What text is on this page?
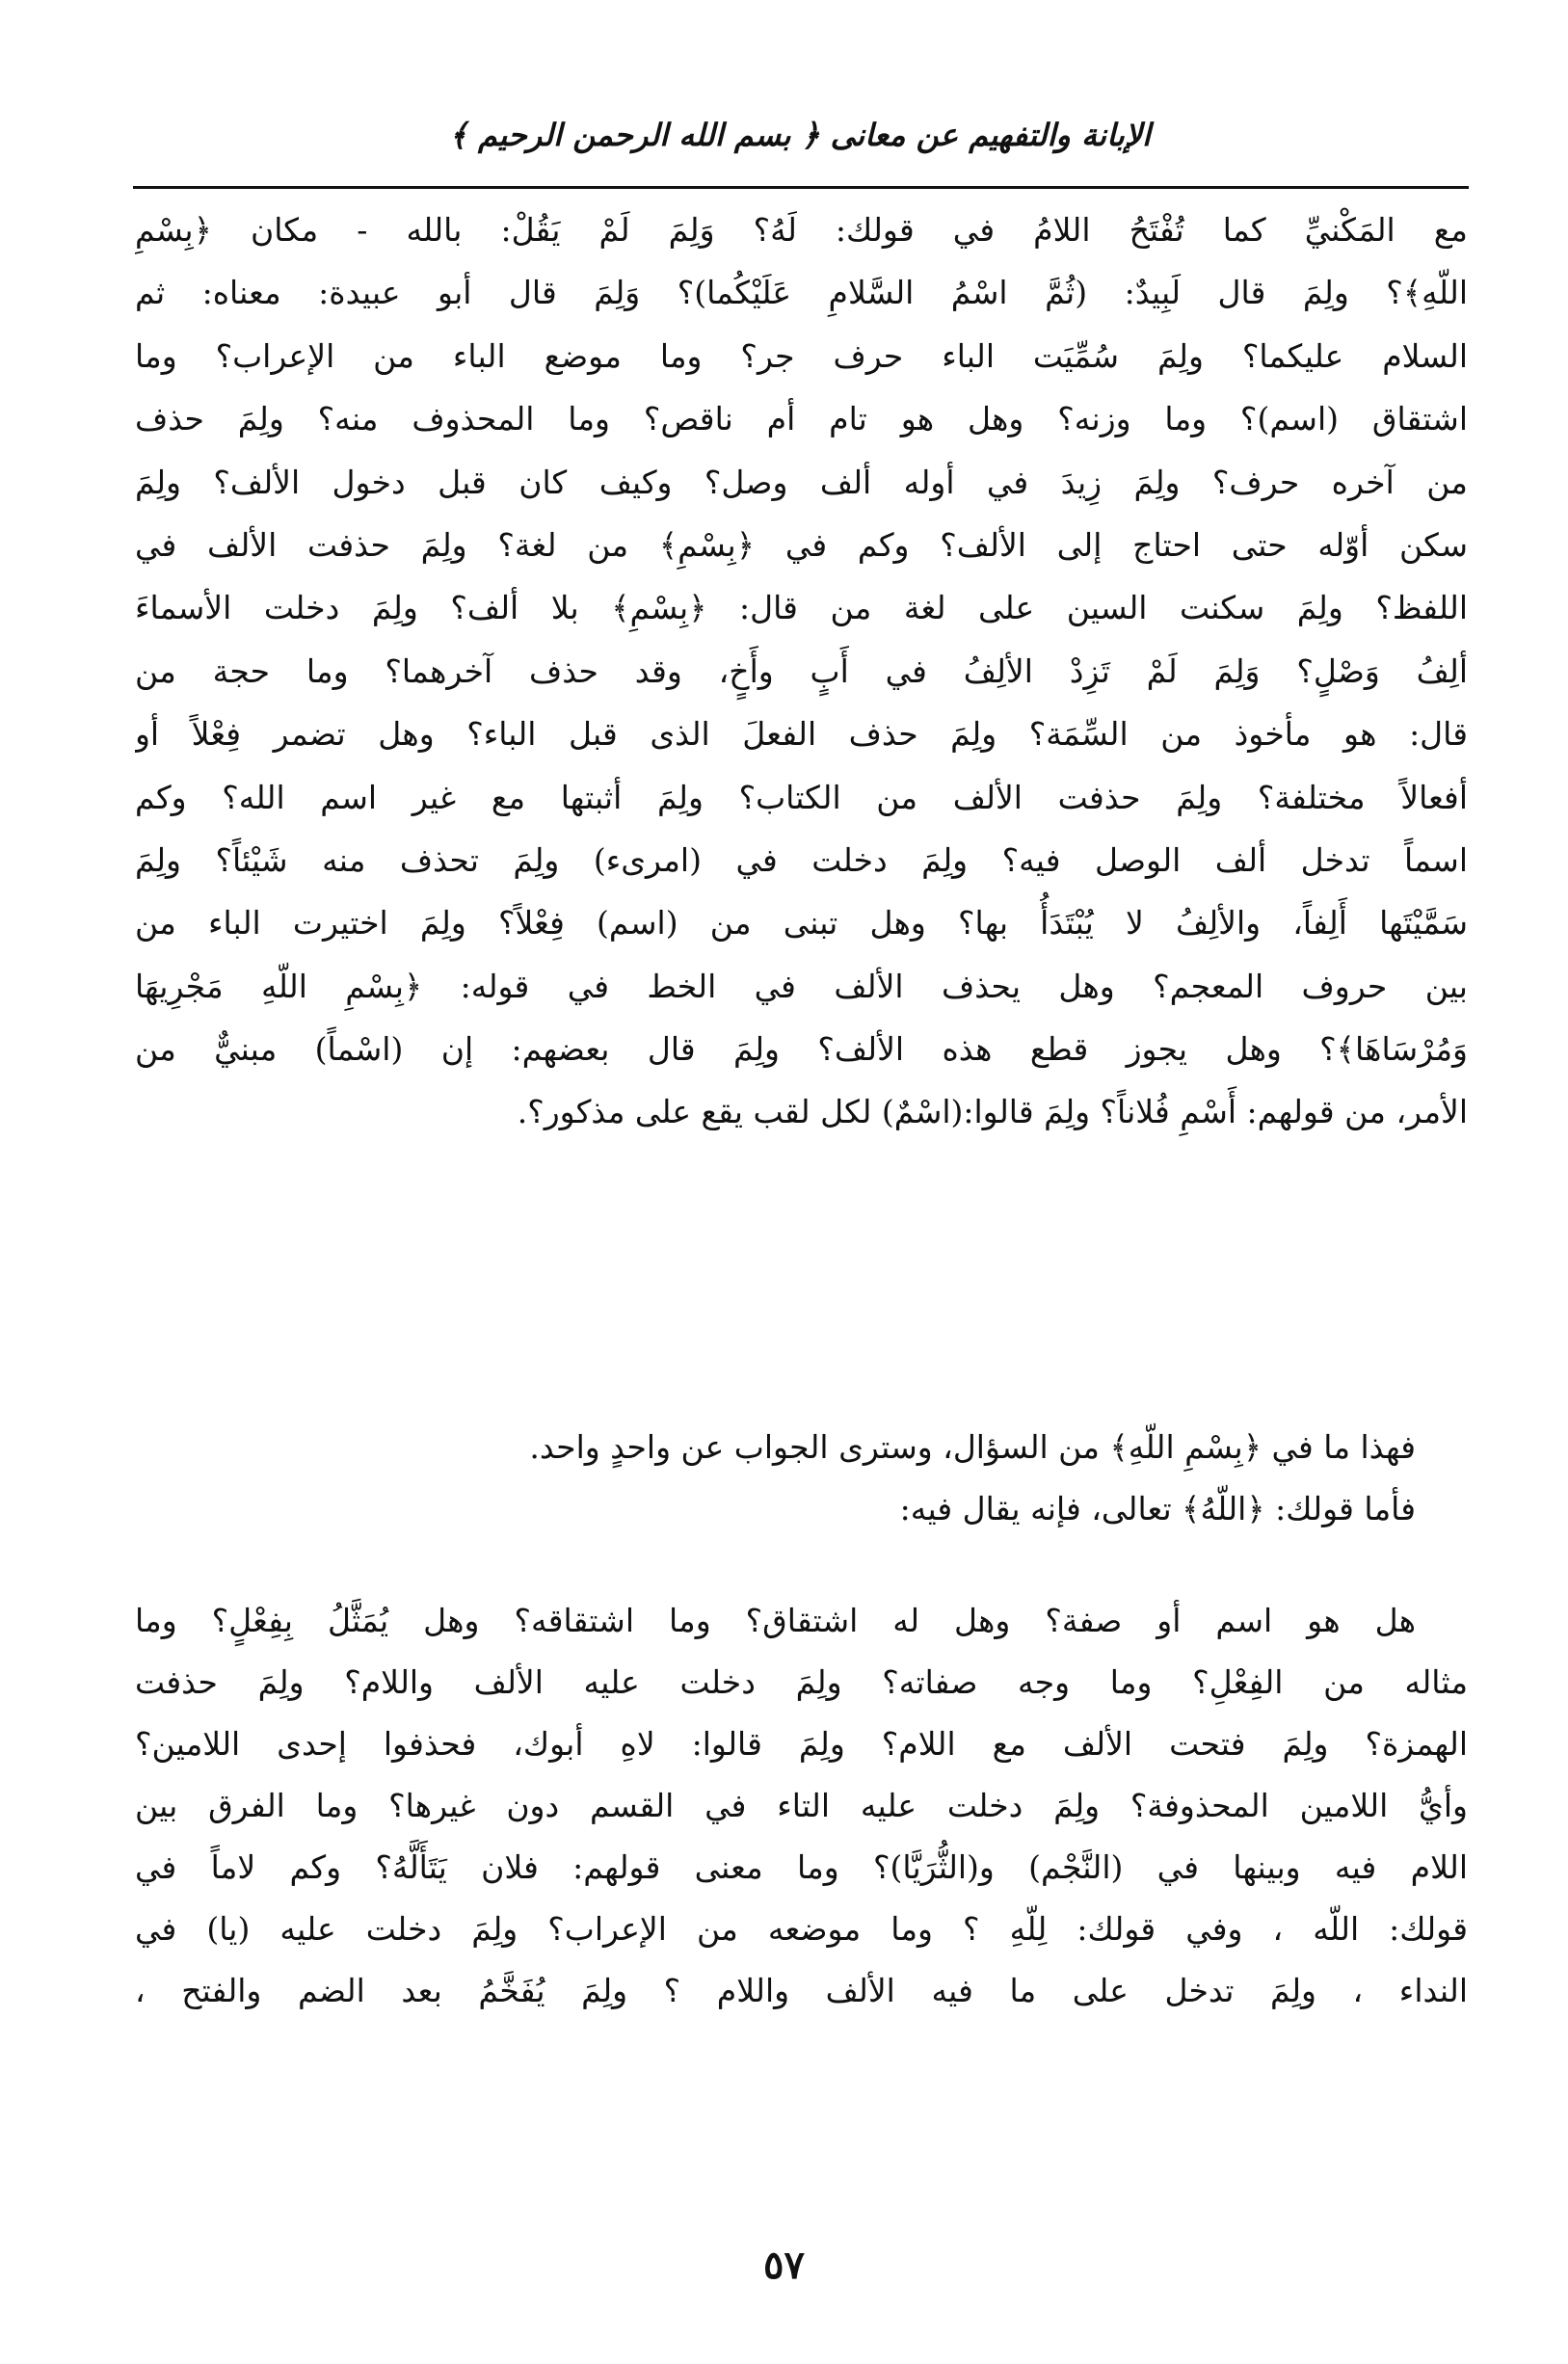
الإبانة والتفهيم عن معانى ﴿ بسم الله الرحمن الرحيم ﴾
مع المَكْنيِّ كما تُفْتَحُ اللامُ في قولك: لَهُ؟ وَلِمَ لَمْ يَقُلْ: بالله - مكان ﴿بِسْمِ
اللّهِ﴾؟ ولِمَ قال لَبِيدٌ: (ثُمَّ اسْمُ السَّلامِ عَلَيْكُما)؟ وَلِمَ قال أبو عبيدة: معناه: ثم
السلام عليكما؟ ولِمَ سُمِّيَت الباء حرف جر؟ وما موضع الباء من الإعراب؟ وما
اشتقاق (اسم)؟ وما وزنه؟ وهل هو تام أم ناقص؟ وما المحذوف منه؟ ولِمَ حذف
من آخره حرف؟ ولِمَ زِيدَ في أوله ألف وصل؟ وكيف كان قبل دخول الألف؟ ولِمَ
سكن أوّله حتى احتاج إلى الألف؟ وكم في ﴿بِسْمِ﴾ من لغة؟ ولِمَ حذفت الألف في
اللفظ؟ ولِمَ سكنت السين على لغة من قال: ﴿بِسْمِ﴾ بلا ألف؟ ولِمَ دخلت الأسماءَ
ألِفُ وَصْلٍ؟ وَلِمَ لَمْ تَزِدْ الألِفُ في أَبٍ وأَخٍ، وقد حذف آخرهما؟ وما حجة من
قال: هو مأخوذ من السِّمَة؟ ولِمَ حذف الفعلَ الذى قبل الباء؟ وهل تضمر فِعْلاً أو
أفعالاً مختلفة؟ ولِمَ حذفت الألف من الكتاب؟ ولِمَ أثبتها مع غير اسم الله؟ وكم
اسماً تدخل ألف الوصل فيه؟ ولِمَ دخلت في (امرىء) ولِمَ تحذف منه شَيْئاً؟ ولِمَ
سَمَّيْتَها أَلِفاً، والألِفُ لا يُبْتَدَأُ بها؟ وهل تبنى من (اسم) فِعْلاً؟ ولِمَ اختيرت الباء من
بين حروف المعجم؟ وهل يحذف الألف في الخط في قوله: ﴿بِسْمِ اللّهِ مَجْرِيهَا
وَمُرْسَاهَا﴾؟ وهل يجوز قطع هذه الألف؟ ولِمَ قال بعضهم: إن (اسْماً) مبنيٌّ من
الأمر، من قولهم: أَسْمِ فُلاناً؟ ولِمَ قالوا:(اسْمٌ) لكل لقب يقع على مذكور؟.
فهذا ما في ﴿بِسْمِ اللّهِ﴾ من السؤال، وسترى الجواب عن واحدٍ واحد.
فأما قولك: ﴿اللّهُ﴾ تعالى، فإنه يقال فيه:
هل هو اسم أو صفة؟ وهل له اشتقاق؟ وما اشتقاقه؟ وهل يُمَثَّلُ بِفِعْلٍ؟ وما
مثاله من الفِعْلِ؟ وما وجه صفاته؟ ولِمَ دخلت عليه الألف واللام؟ ولِمَ حذفت
الهمزة؟ ولِمَ فتحت الألف مع اللام؟ ولِمَ قالوا: لاهِ أبوك، فحذفوا إحدى اللامين؟
وأيُّ اللامين المحذوفة؟ ولِمَ دخلت عليه التاء في القسم دون غيرها؟ وما الفرق بين
اللام فيه وبينها في (النَّجْم) و(الثُّرَيَّا)؟ وما معنى قولهم: فلان يَتَأَلَّهُ؟ وكم لاماً في
قولك: اللّه ، وفي قولك: لِلّهِ ؟ وما موضعه من الإعراب؟ ولِمَ دخلت عليه (يا) في
النداء ، ولِمَ تدخل على ما فيه الألف واللام ؟ ولِمَ يُفَخَّمُ بعد الضم والفتح ،
٥٧
